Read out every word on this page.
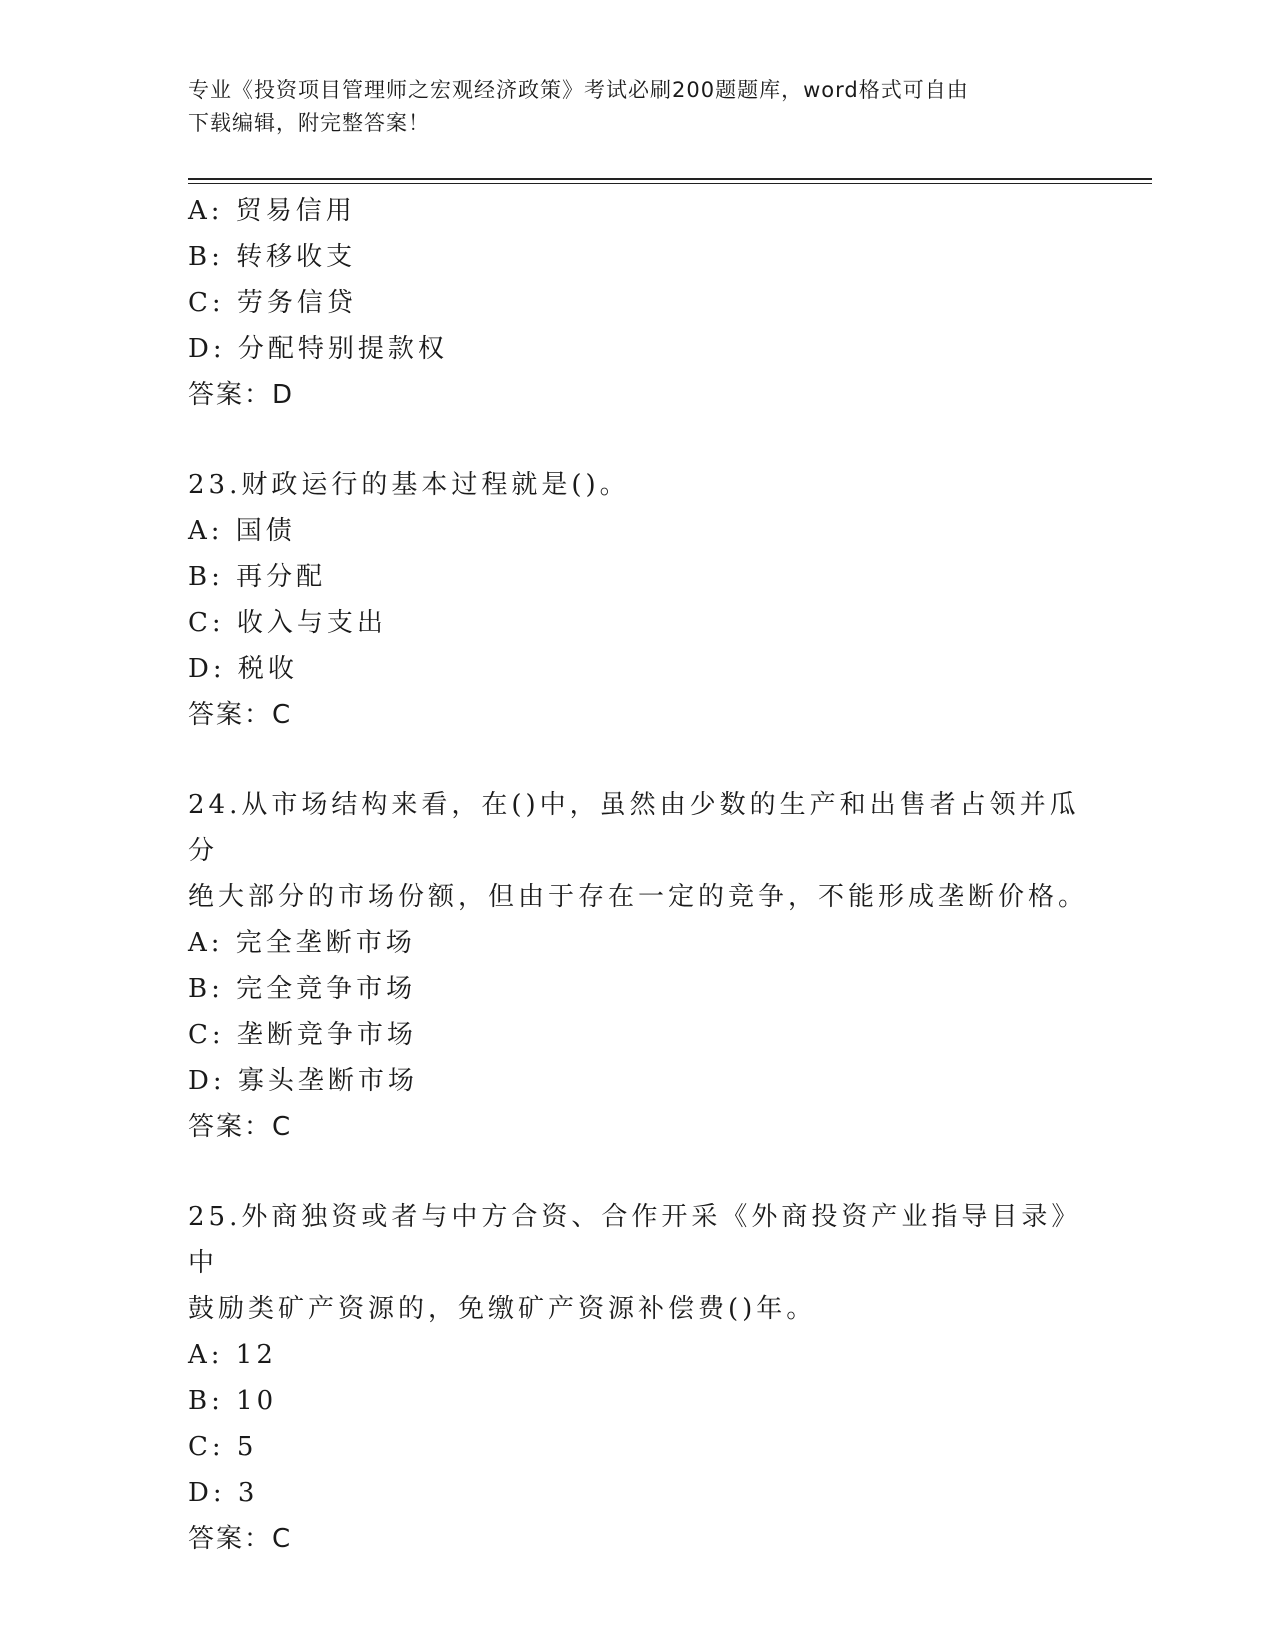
专业《投资项目管理师之宏观经济政策》考试必刷200题题库，word格式可自由
下载编辑，附完整答案！
A: 贸易信用
B: 转移收支
C: 劳务信贷
D: 分配特别提款权
答案：D
23.财政运行的基本过程就是()。
A: 国债
B: 再分配
C: 收入与支出
D: 税收
答案：C
24.从市场结构来看，在()中，虽然由少数的生产和出售者占领并瓜分
绝大部分的市场份额，但由于存在一定的竞争，不能形成垄断价格。
A: 完全垄断市场
B: 完全竞争市场
C: 垄断竞争市场
D: 寡头垄断市场
答案：C
25.外商独资或者与中方合资、合作开采《外商投资产业指导目录》中
鼓励类矿产资源的，免缴矿产资源补偿费()年。
A: 12
B: 10
C: 5
D: 3
答案：C
